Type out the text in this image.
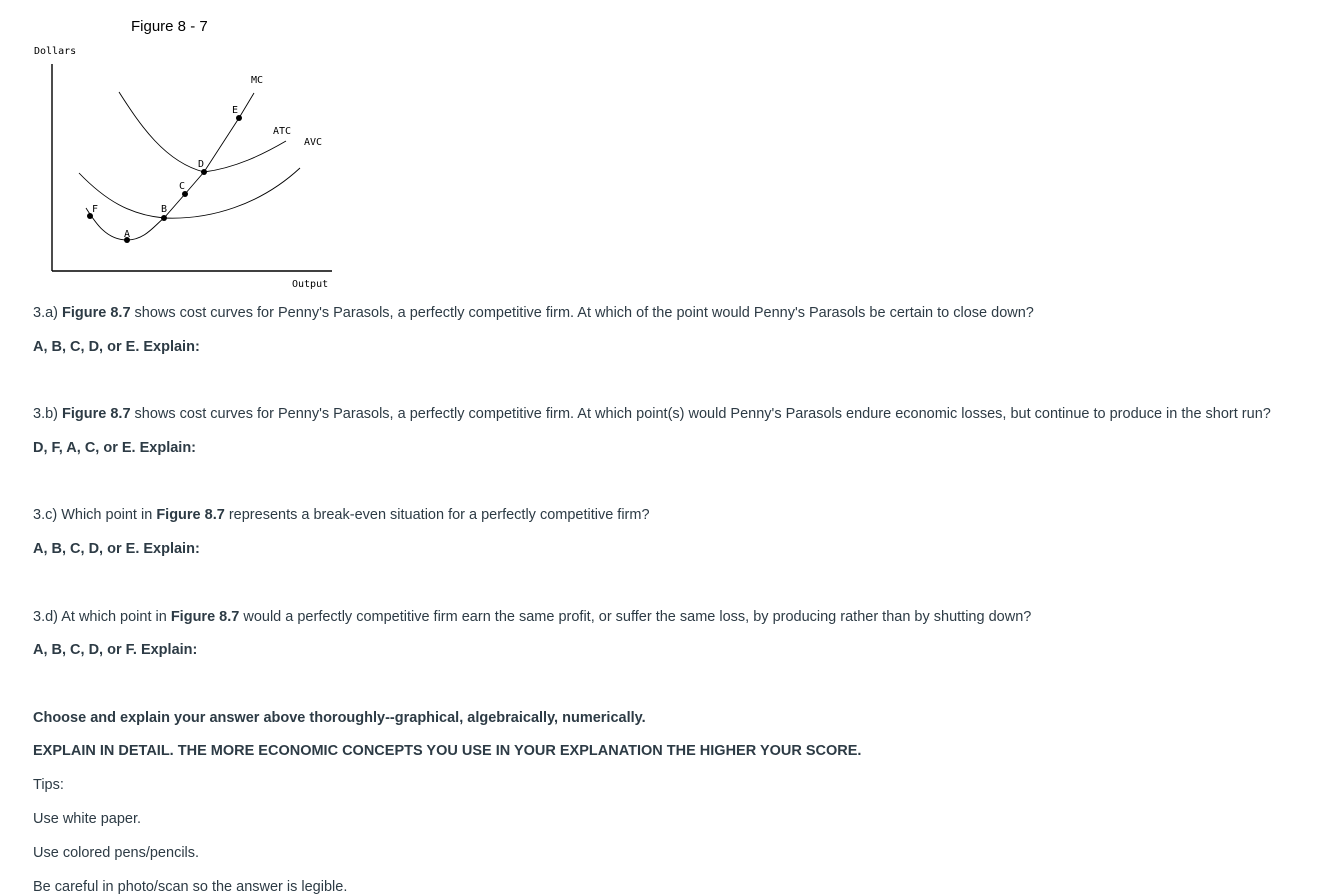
Figure 8 - 7
Dollars
Output
MC
ATC
AVC
A
B
C
D
E
F
3.a) Figure 8.7 shows cost curves for Penny's Parasols, a perfectly competitive firm. At which of the point would Penny's Parasols be certain to close down?
A, B, C, D, or E. Explain:
3.b) Figure 8.7 shows cost curves for Penny's Parasols, a perfectly competitive firm. At which point(s) would Penny's Parasols endure economic losses, but continue to produce in the short run?
D, F, A, C, or E. Explain:
3.c) Which point in Figure 8.7 represents a break-even situation for a perfectly competitive firm?
A, B, C, D, or E. Explain:
3.d) At which point in Figure 8.7 would a perfectly competitive firm earn the same profit, or suffer the same loss, by producing rather than by shutting down?
A, B, C, D, or F. Explain:
Choose and explain your answer above thoroughly--graphical, algebraically, numerically.
EXPLAIN IN DETAIL. THE MORE ECONOMIC CONCEPTS YOU USE IN YOUR EXPLANATION THE HIGHER YOUR SCORE.
Tips:
Use white paper.
Use colored pens/pencils.
Be careful in photo/scan so the answer is legible.
